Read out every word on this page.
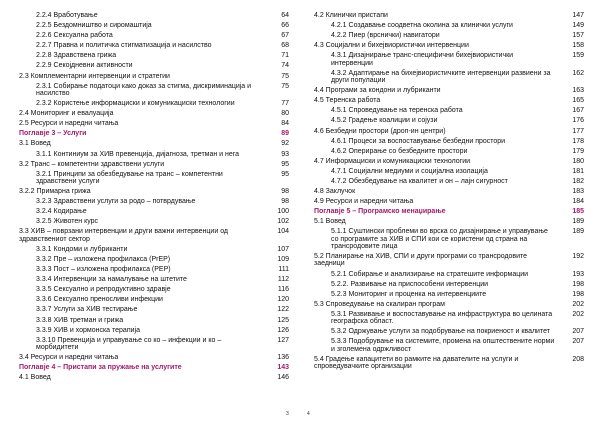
2.2.4 Вработување	64
2.2.5 Бездомништво и сиромаштија	66
2.2.6 Сексуална работа	67
2.2.7 Правна и политичка стигматизација и насилство	68
2.2.8 Здравствена грижа	71
2.2.9 Секојдневни активности	74
2.3 Комплементарни интервенции и стратегии	75
2.3.1 Собирање податоци како доказ за стигма, дискриминација и насилство
75
2.3.2 Користење информациски и комуникациски технологии	77
2.4 Мониторинг и евалуација	80
2.5 Ресурси и нaредни читања	84
Поглавје 3 – Услуги	89
3.1 Вовед	92
3.1.1 Континиум за ХИВ превенција, дијагноза, третман и нега	93
3.2 Транс – компетентни здравствени услуги	95
3.2.1 Принципи за обезбедување на транс – компетентни здравствени услуги
95
3.2.2 Примарна грижа	98
3.2.3 Здравствени услуги за родо – потврдување	98
3.2.4 Кодирање	100
3.2.5 Животен курс	102
3.3 ХИВ – поврзани интервенции и други важни интервенции од здравствениот сектор
104
3.3.1 Кондоми и лубриканти	107
3.3.2 Пре – изложена профилакса (PrEP)	109
3.3.3 Пост – изложена профилакса (PEP)	111
3.3.4 Интервенции за намалување на штетите	112
3.3.5 Сексуално и репродуктивно здравје	116
3.3.6 Сексуално преносливи инфекции	120
3.3.7 Услуги за ХИВ тестирање	122
3.3.8 ХИВ третман и грижа	125
3.3.9 ХИВ и хормонска терапија	126
3.3.10 Превенција и управување со ко – инфекции и ко – морбидитети
127
3.4 Ресурси и наредни читања	136
Поглавје 4 – Пристапи за пружање на услугите	143
4.1 Вовед	146
4.2 Клинички пристапи	147
4.2.1 Создавање соодветна околина за клинички услуги	149
4.2.2 Пиер (врснички) навигатори	157
4.3 Социјални и бихејвиористички интервенции	158
4.3.1 Дизајнирање транс-специфични бихејвиористички интервенции
159
4.3.2 Адаптирање на бихејвиористичките интервенции развиени за други популации
162
4.4 Програми за кондони и лубриканти	163
4.5 Теренска работа	165
4.5.1 Спроведување на теренска работа	167
4.5.2 Градење коалиции и сојузи	176
4.6 Безбедни простори (дроп-ин центри)	177
4.6.1 Процеси за воспоставување безбедни простори	178
4.6.2 Оперирање со безбедните простори	179
4.7 Информациски и комуникациски технологии	180
4.7.1 Социјални медиуми и социјална изолација	181
4.7.2 Обезбедување на квалитет и он – лајн сигурност	182
4.8 Заклучок	183
4.9 Ресурси и наредни читања	184
Поглавје 5 – Програмско менаџирање	185
5.1 Вовед	189
5.1.1 Суштински проблеми во врска со дизајнирање и управување со програмите за ХИВ и СПИ кои се користени од страна на трансродовите лица
189
5.2 Планирање на ХИВ, СПИ и други програми со трансродовите заедници
192
5.2.1 Собирање и анализирање на стратешите информации	193
5.2.2. Развивање на приспособени интервенции	198
5.2.3 Мониторинг и проценка на интервенциите	198
5.3 Спроведување на скалиран програм	202
5.3.1 Развивање и воспоставување на инфраструктура во целината географска област.
202
5.3.2 Одржување услуги за подобрување на покриеност и квалитет	207
5.3.3 Подобрување на системите, промена на општествените норми и зголемена одржливост
207
5.4 Градење капацитети во рамките на давателите на услуги и спроведувачките организации
208
3	4
